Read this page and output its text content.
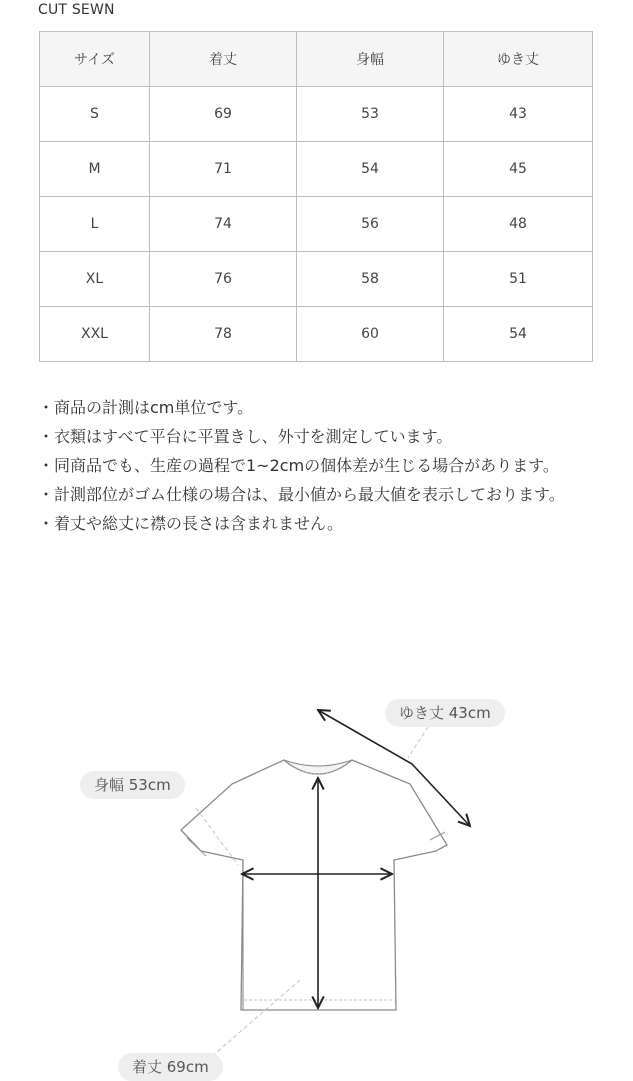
CUT SEWN
サイズ	着丈	身幅	ゆき丈
S	69	53	43
M	71	54	45
L	74	56	48
XL	76	58	51
XXL	78	60	54

・商品の計測はcm単位です。

・衣類はすべて平台に平置きし、外寸を測定しています。

・同商品でも、生産の過程で1~2cmの個体差が生じる場合があります。

・計測部位がゴム仕様の場合は、最小値から最大値を表示しております。

・着丈や総丈に襟の長さは含まれません。

ゆき丈 43cm
身幅 53cm
着丈 69cm
